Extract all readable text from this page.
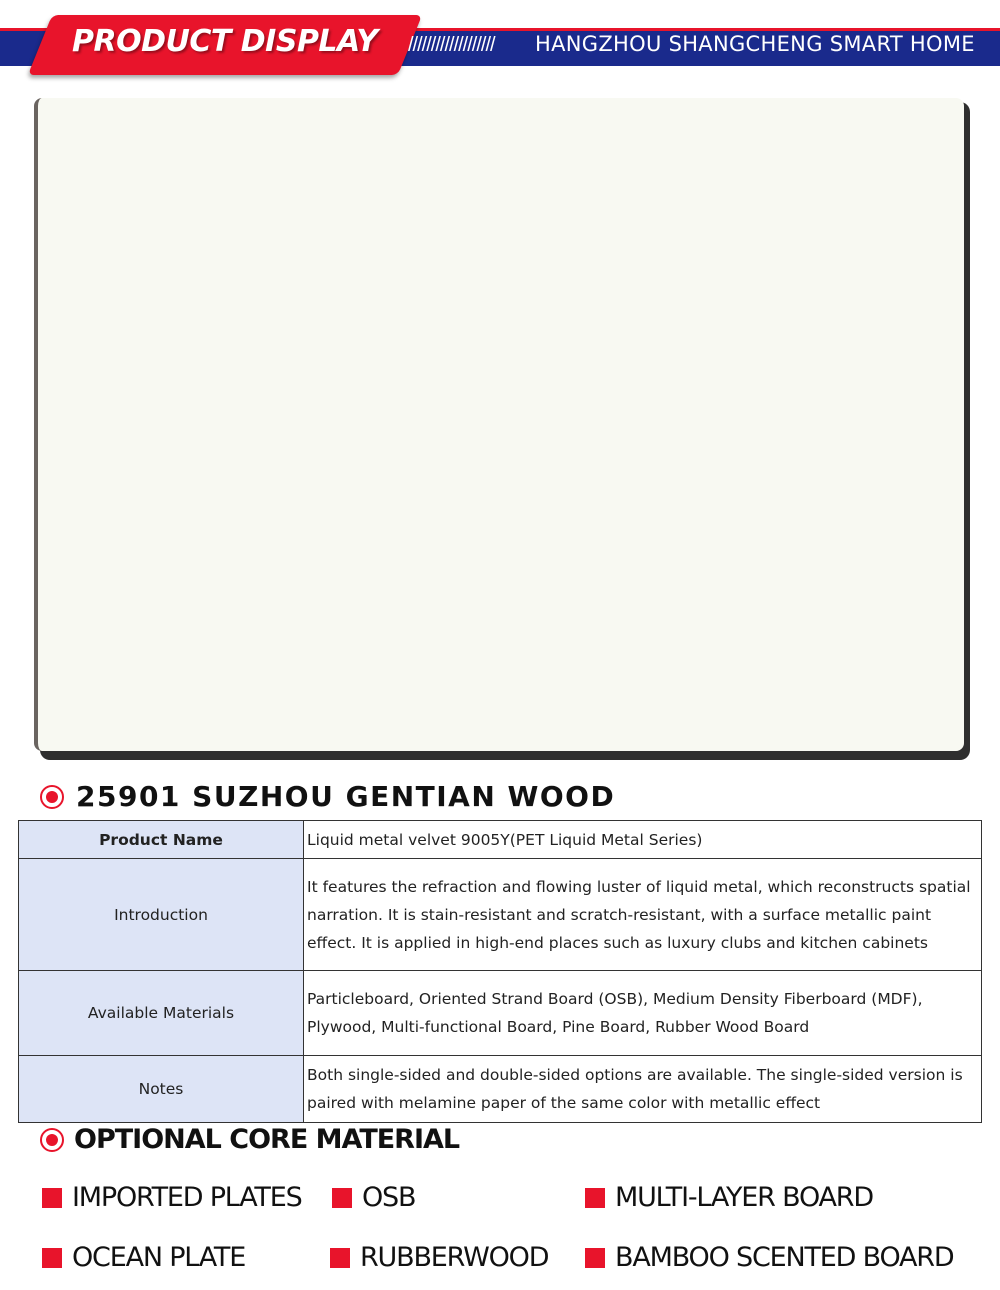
PRODUCT DISPLAY /////////////////// HANGZHOU SHANGCHENG SMART HOME
25901 SUZHOU GENTIAN WOOD
Product Name	Liquid metal velvet 9005Y(PET Liquid Metal Series)
Introduction	It features the refraction and flowing luster of liquid metal, which reconstructs spatial narration. It is stain-resistant and scratch-resistant, with a surface metallic paint effect. It is applied in high-end places such as luxury clubs and kitchen cabinets
Available Materials	Particleboard, Oriented Strand Board (OSB), Medium Density Fiberboard (MDF), Plywood, Multi-functional Board, Pine Board, Rubber Wood Board
Notes	Both single-sided and double-sided options are available. The single-sided version is paired with melamine paper of the same color with metallic effect
OPTIONAL CORE MATERIAL
IMPORTED PLATES OSB	MULTI-LAYER BOARD
OCEAN PLATE	RUBBERWOOD BAMBOO SCENTED BOARD
